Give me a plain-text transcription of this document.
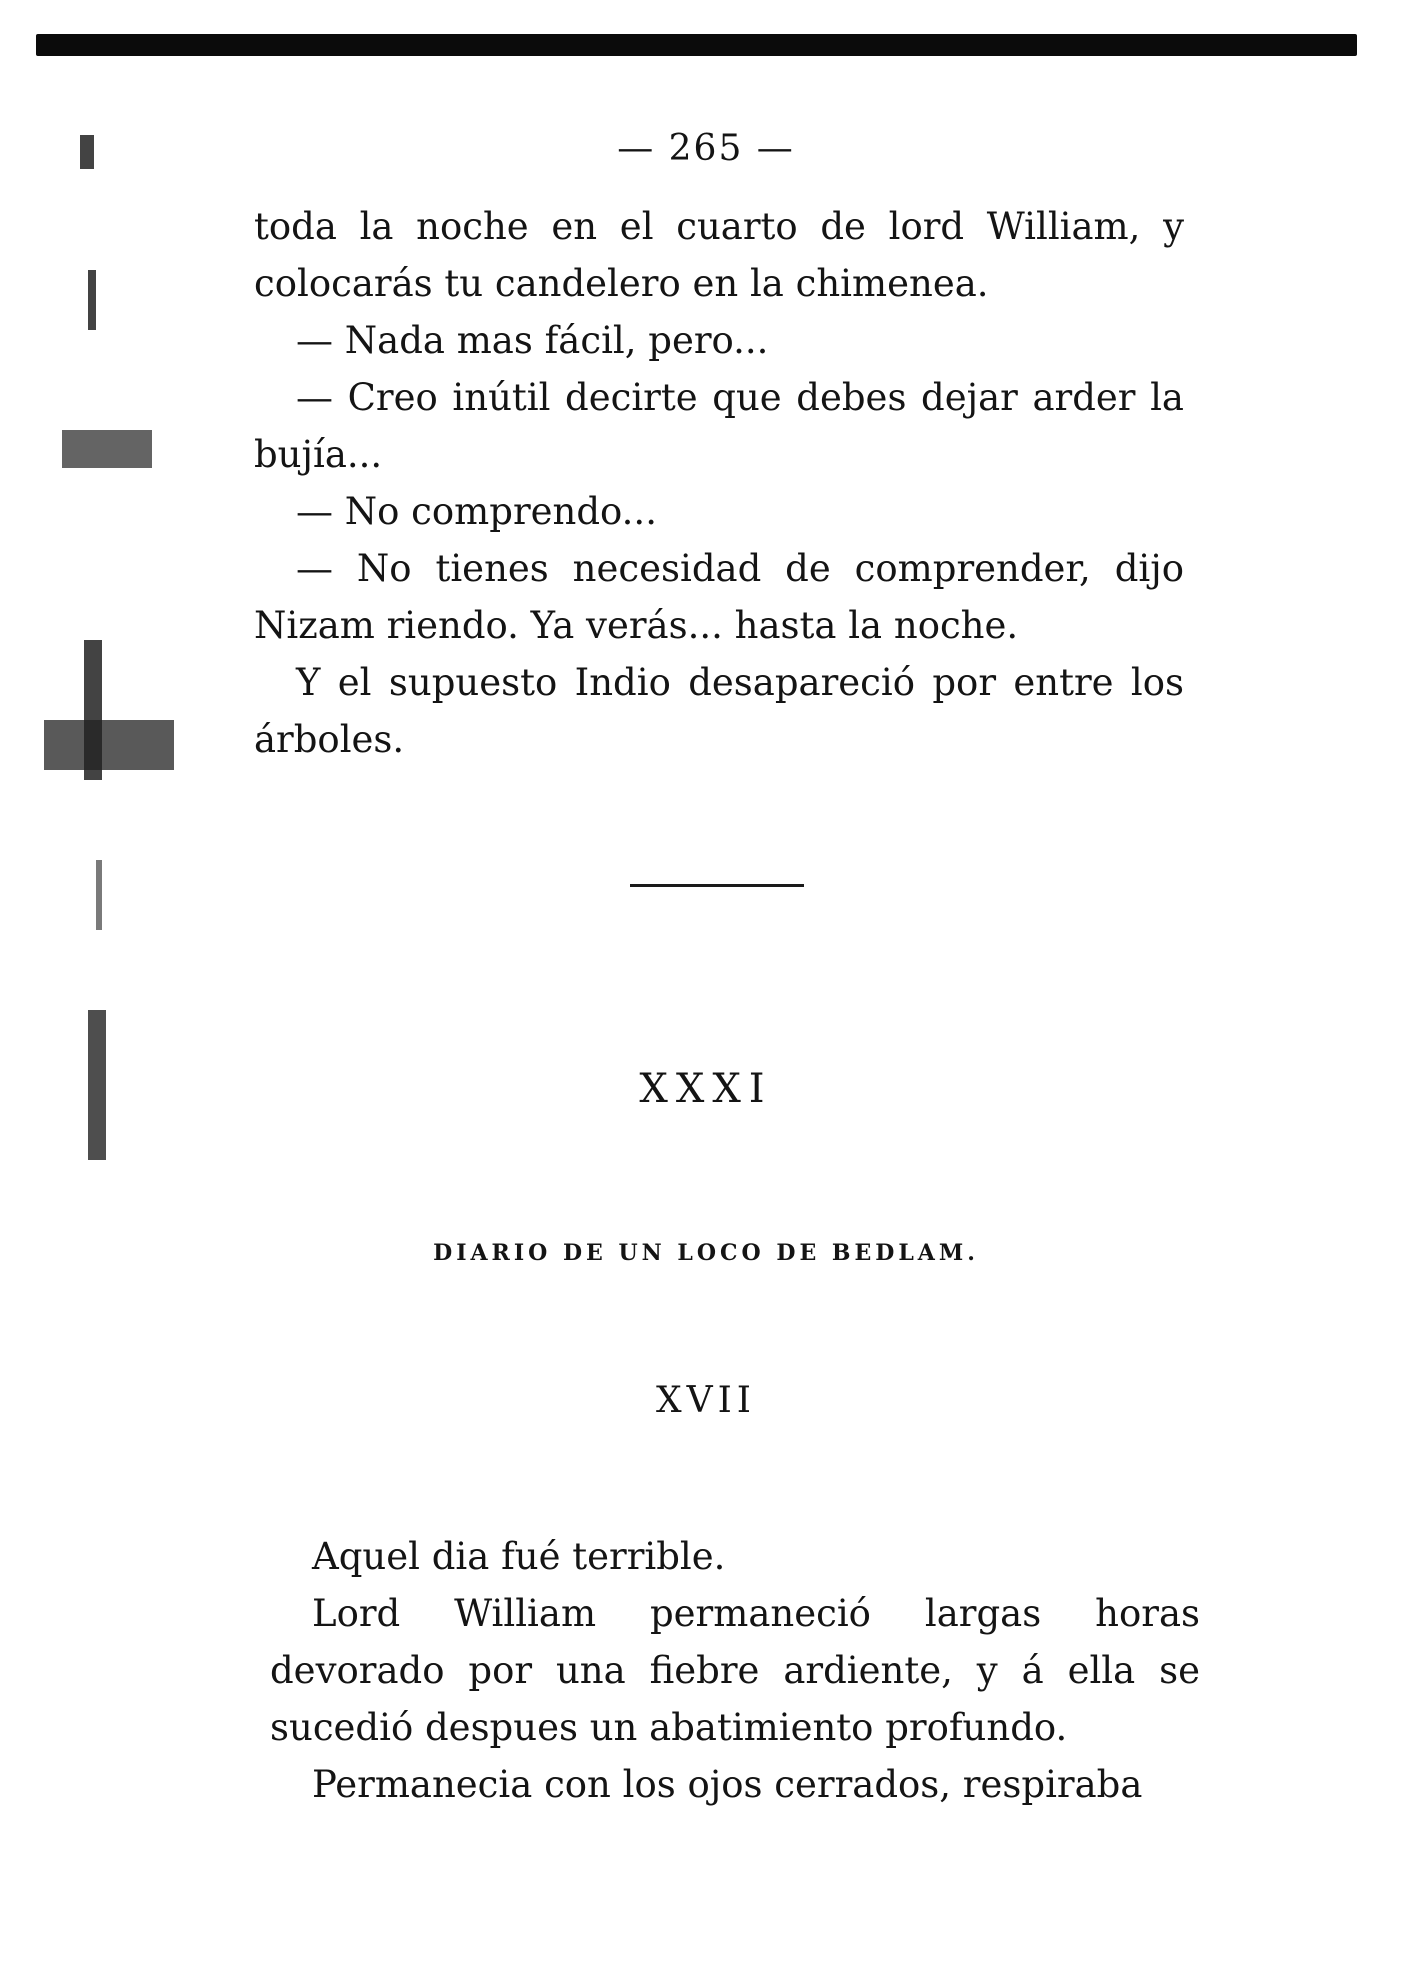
— 265 —

toda la noche en el cuarto de lord William, y colocarás tu candelero en la chimenea.

— Nada mas fácil, pero...

— Creo inútil decirte que debes dejar arder la bujía...

— No comprendo...

— No tienes necesidad de comprender, dijo Nizam riendo. Ya verás... hasta la noche.

Y el supuesto Indio desapareció por entre los árboles.

XXXI
DIARIO DE UN LOCO DE BEDLAM.
XVII

Aquel dia fué terrible.

Lord William permaneció largas horas devorado por una fiebre ardiente, y á ella se sucedió despues un abatimiento profundo.

Permanecia con los ojos cerrados, respiraba
